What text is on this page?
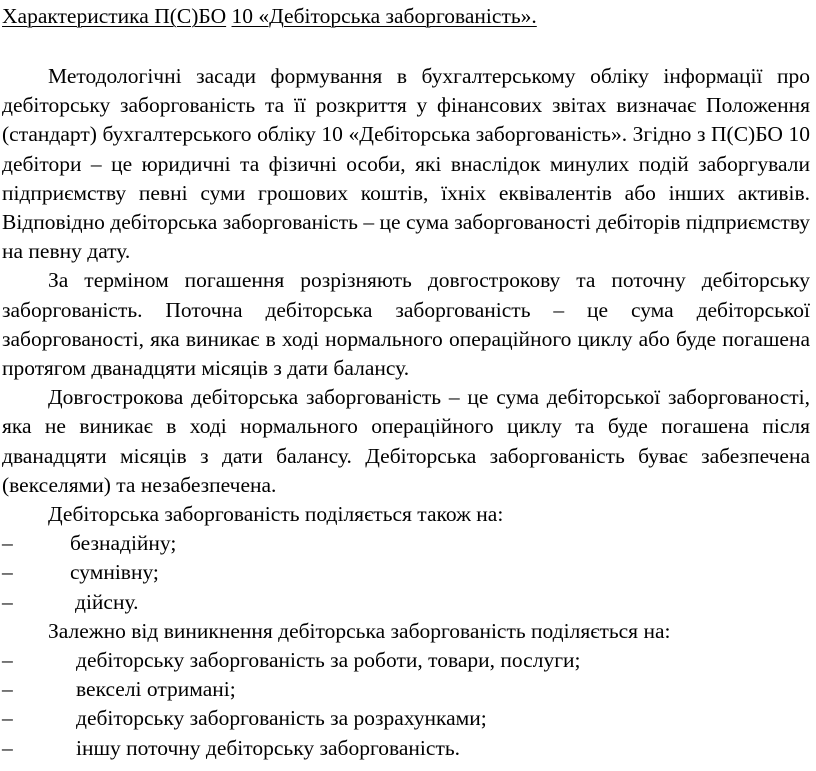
Характеристика П(С)БО 10 «Дебіторська заборгованість».

Методологічні засади формування в бухгалтерському обліку інформації про дебіторську заборгованість та її розкриття у фінансових звітах визначає Положення (стандарт) бухгалтерського обліку 10 «Дебіторська заборгованість». Згідно з П(С)БО 10 дебітори – це юридичні та фізичні особи, які внаслідок минулих подій заборгували підприємству певні суми грошових коштів, їхніх еквівалентів або інших активів. Відповідно дебіторська заборгованість – це сума заборгованості дебіторів підприємству на певну дату.

За терміном погашення розрізняють довгострокову та поточну дебіторську заборгованість. Поточна дебіторська заборгованість – це сума дебіторської заборгованості, яка виникає в ході нормального операційного циклу або буде погашена протягом дванадцяти місяців з дати балансу.

Довгострокова дебіторська заборгованість – це сума дебіторської заборгованості, яка не виникає в ході нормального операційного циклу та буде погашена після дванадцяти місяців з дати балансу. Дебіторська заборгованість буває забезпечена (векселями) та незабезпечена.

Дебіторська заборгованість поділяється також на:
–	безнадійну;
–	сумнівну;
–	дійсну.
Залежно від виникнення дебіторська заборгованість поділяється на:
–	дебіторську заборгованість за роботи, товари, послуги;
–	векселі отримані;
–	дебіторську заборгованість за розрахунками;
–	іншу поточну дебіторську заборгованість.
